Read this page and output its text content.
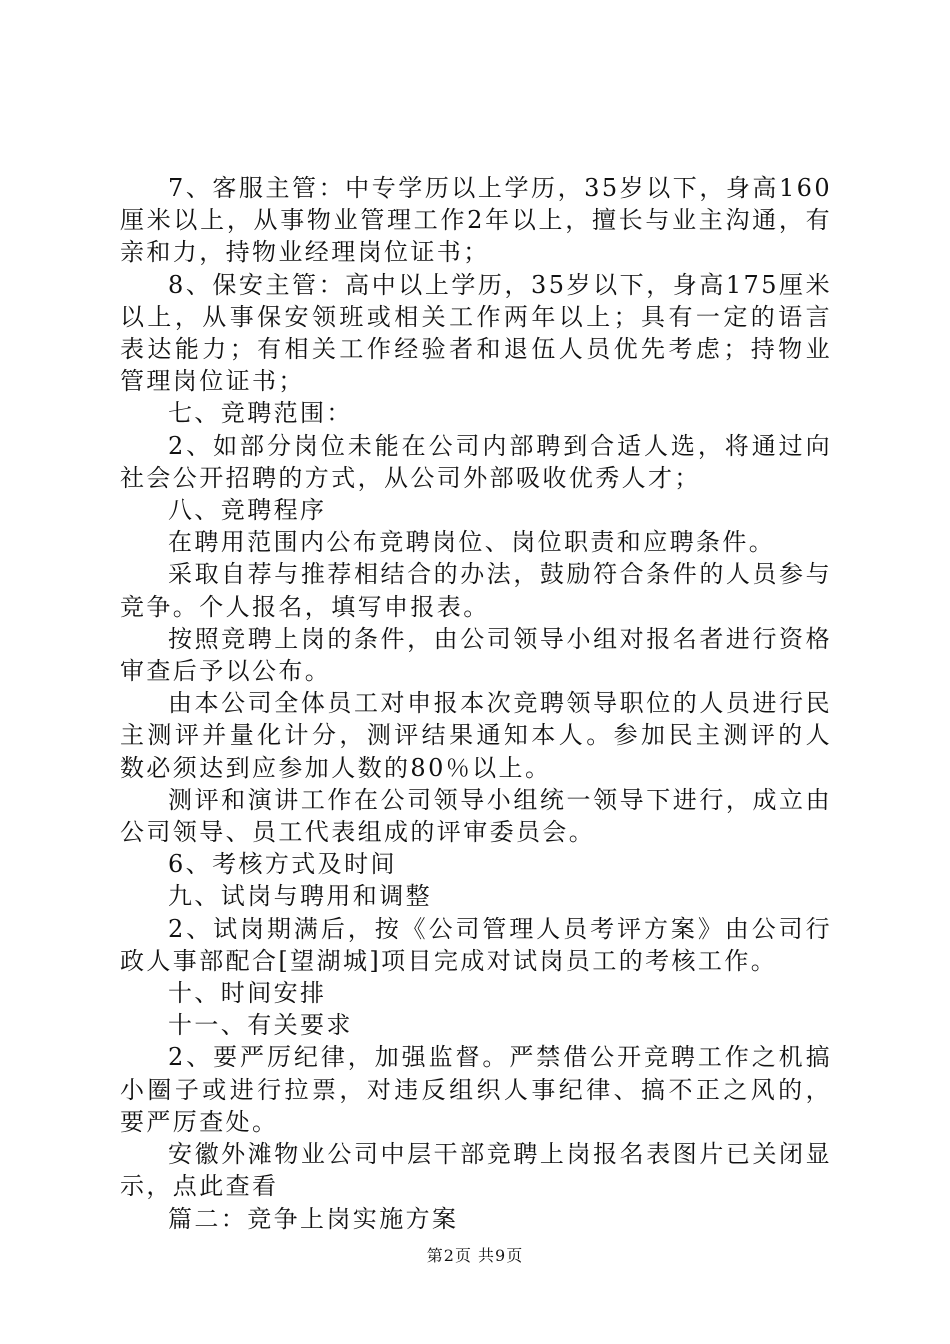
7、客服主管：中专学历以上学历，35岁以下，身高160厘米以上，从事物业管理工作2年以上，擅长与业主沟通，有亲和力，持物业经理岗位证书；

8、保安主管：高中以上学历，35岁以下，身高175厘米以上，从事保安领班或相关工作两年以上；具有一定的语言表达能力；有相关工作经验者和退伍人员优先考虑；持物业管理岗位证书；

七、竞聘范围：

2、如部分岗位未能在公司内部聘到合适人选，将通过向社会公开招聘的方式，从公司外部吸收优秀人才；

八、竞聘程序

在聘用范围内公布竞聘岗位、岗位职责和应聘条件。

采取自荐与推荐相结合的办法，鼓励符合条件的人员参与竞争。个人报名，填写申报表。

按照竞聘上岗的条件，由公司领导小组对报名者进行资格审查后予以公布。

由本公司全体员工对申报本次竞聘领导职位的人员进行民主测评并量化计分，测评结果通知本人。参加民主测评的人数必须达到应参加人数的80％以上。

测评和演讲工作在公司领导小组统一领导下进行，成立由公司领导、员工代表组成的评审委员会。

6、考核方式及时间

九、试岗与聘用和调整

2、试岗期满后，按《公司管理人员考评方案》由公司行政人事部配合[望湖城]项目完成对试岗员工的考核工作。

十、时间安排

十一、有关要求

2、要严厉纪律，加强监督。严禁借公开竞聘工作之机搞小圈子或进行拉票，对违反组织人事纪律、搞不正之风的，要严厉查处。

安徽外滩物业公司中层干部竞聘上岗报名表图片已关闭显示，点此查看

篇二：竞争上岗实施方案

第2页 共9页
